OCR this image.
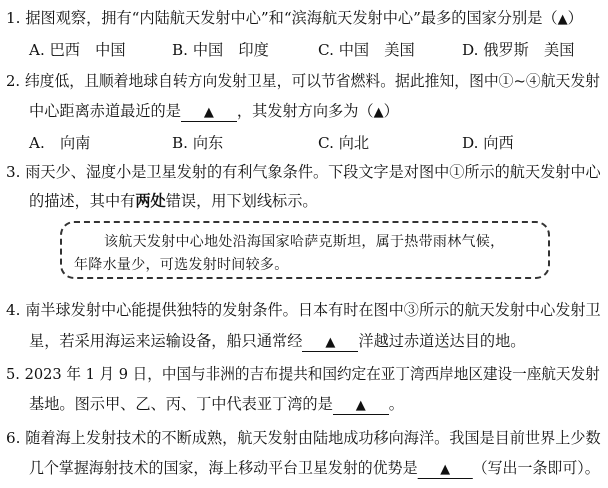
1. 据图观察，拥有“内陆航天发射中心”和“滨海航天发射中心”最多的国家分别是（▲）
A. 巴西　中国	B. 中国　印度	C. 中国　美国	D. 俄罗斯　美国
2. 纬度低，且顺着地球自转方向发射卫星，可以节省燃料。据此推知，图中①~④航天发射
中心距离赤道最近的是 ▲ ，其发射方向多为（▲）
A.　向南	B. 向东	C. 向北	D. 向西
3. 雨天少、湿度小是卫星发射的有利气象条件。下段文字是对图中①所示的航天发射中心
的描述，其中有两处错误，用下划线标示。
该航天发射中心地处沿海国家哈萨克斯坦，属于热带雨林气候，
年降水量少，可选发射时间较多。
4. 南半球发射中心能提供独特的发射条件。日本有时在图中③所示的航天发射中心发射卫
星，若采用海运来运输设备，船只通常经 ▲ 洋越过赤道送达目的地。
5. 2023 年 1 月 9 日，中国与非洲的吉布提共和国约定在亚丁湾西岸地区建设一座航天发射
基地。图示甲、乙、丙、丁中代表亚丁湾的是 ▲ 。
6. 随着海上发射技术的不断成熟，航天发射由陆地成功移向海洋。我国是目前世界上少数
几个掌握海射技术的国家，海上移动平台卫星发射的优势是 ▲ （写出一条即可）。
